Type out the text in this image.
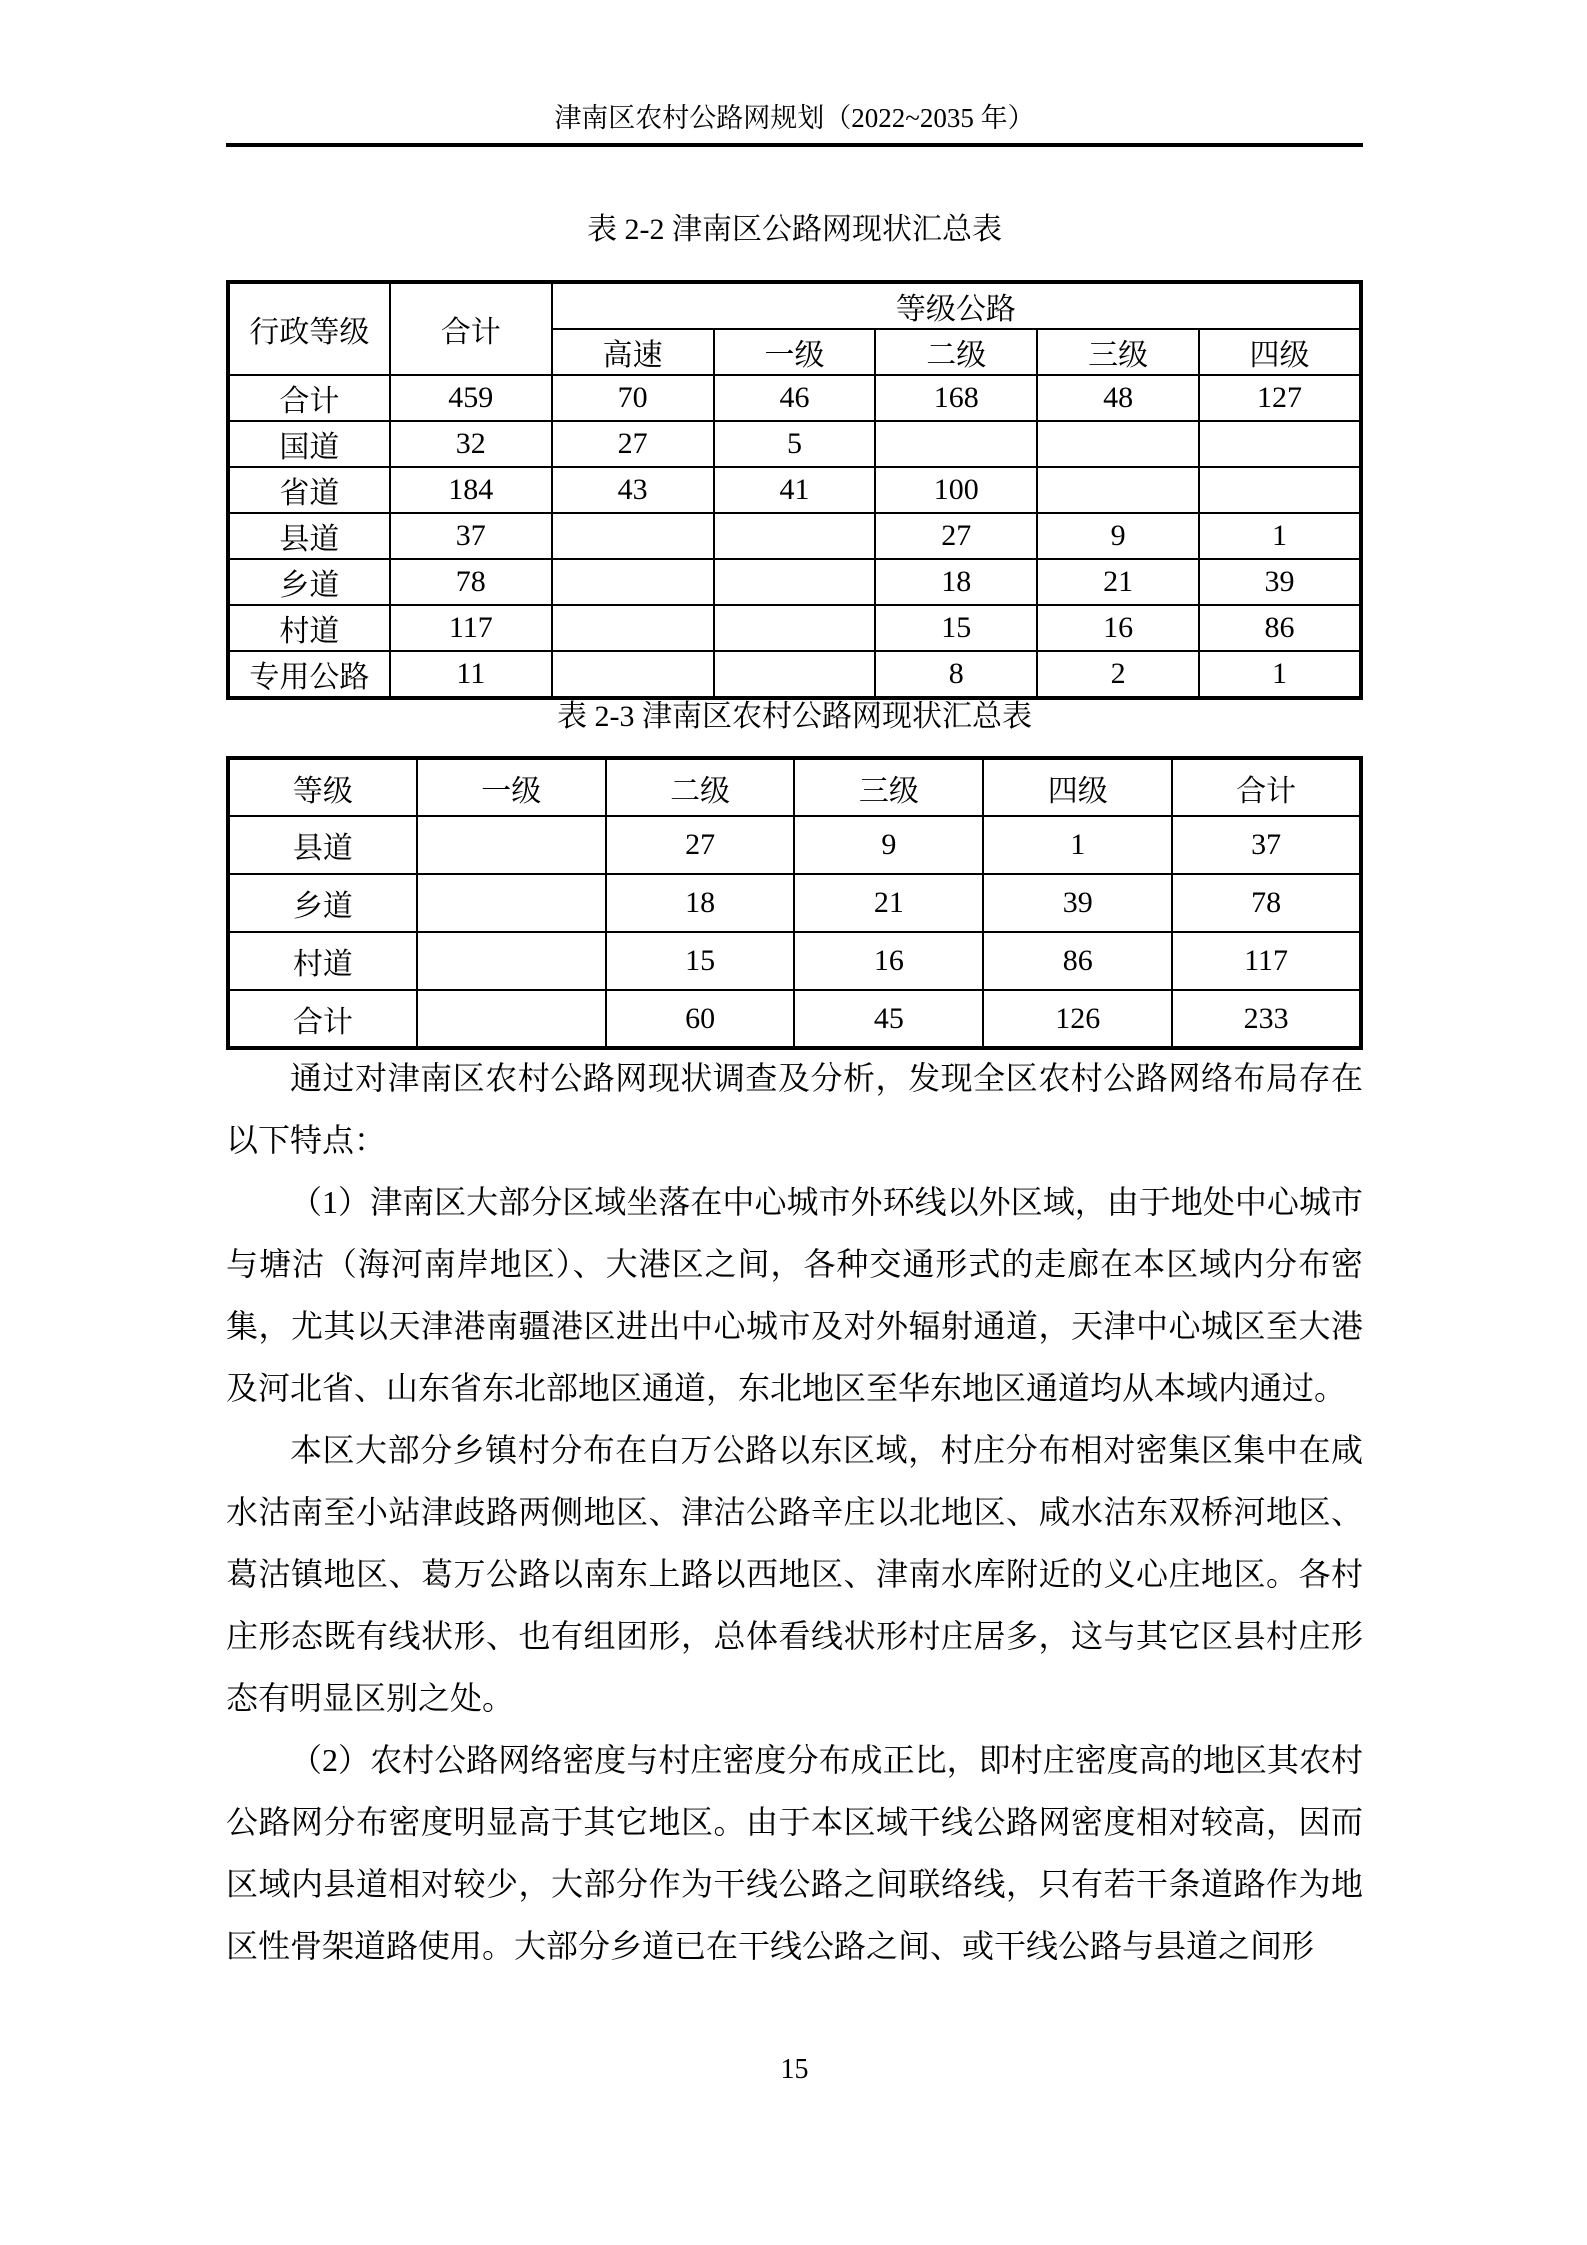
津南区农村公路网规划（2022~2035 年）
表 2-2 津南区公路网现状汇总表
行政等级	合计	等级公路				
		高速	一级	二级	三级	四级
合计	459	70	46	168	48	127
国道	32	27	5			
省道	184	43	41	100		
县道	37			27	9	1
乡道	78			18	21	39
村道	117			15	16	86
专用公路	11			8	2	1
表 2-3 津南区农村公路网现状汇总表
等级	一级	二级	三级	四级	合计
县道		27	9	1	37
乡道		18	21	39	78
村道		15	16	86	117
合计		60	45	126	233

通过对津南区农村公路网现状调查及分析，发现全区农村公路网络布局存在以下特点：

（1）津南区大部分区域坐落在中心城市外环线以外区域，由于地处中心城市与塘沽（海河南岸地区）、大港区之间，各种交通形式的走廊在本区域内分布密集，尤其以天津港南疆港区进出中心城市及对外辐射通道，天津中心城区至大港及河北省、山东省东北部地区通道，东北地区至华东地区通道均从本域内通过。

本区大部分乡镇村分布在白万公路以东区域，村庄分布相对密集区集中在咸水沽南至小站津歧路两侧地区、津沽公路辛庄以北地区、咸水沽东双桥河地区、葛沽镇地区、葛万公路以南东上路以西地区、津南水库附近的义心庄地区。各村庄形态既有线状形、也有组团形，总体看线状形村庄居多，这与其它区县村庄形态有明显区别之处。

（2）农村公路网络密度与村庄密度分布成正比，即村庄密度高的地区其农村公路网分布密度明显高于其它地区。由于本区域干线公路网密度相对较高，因而区域内县道相对较少，大部分作为干线公路之间联络线，只有若干条道路作为地区性骨架道路使用。大部分乡道已在干线公路之间、或干线公路与县道之间形

15
